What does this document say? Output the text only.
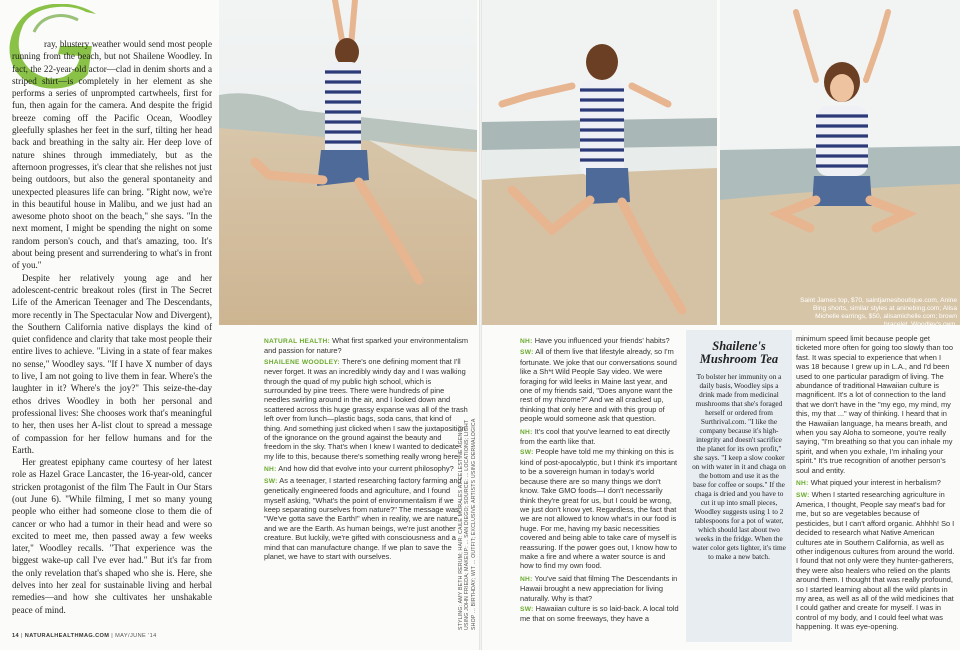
ray, blustery weather would send most people running from the beach, but not Shailene Woodley. In fact, the 22-year-old actor—clad in denim shorts and a striped shirt—is completely in her element as she performs a series of unprompted cartwheels, first for fun, then again for the camera. And despite the frigid breeze coming off the Pacific Ocean, Woodley gleefully splashes her feet in the surf, tilting her head back and breathing in the salty air. Her deep love of nature shines through immediately, but as the afternoon progresses, it's clear that she relishes not just being outdoors, but also the general spontaneity and unexpected pleasures life can bring. "Right now, we're in this beautiful house in Malibu, and we just had an awesome photo shoot on the beach," she says. "In the next moment, I might be spending the night on some random person's couch, and that's amazing, too. It's about being present and surrendering to what's in front of you."

Despite her relatively young age and her adolescent-centric breakout roles (first in The Secret Life of the American Teenager and The Descendants, more recently in The Spectacular Now and Divergent), the Southern California native displays the kind of quiet confidence and clarity that take most people their entire lives to achieve. "Living in a state of fear makes no sense," Woodley says. "If I have X number of days to live, I am not going to live them in fear. Where's the laughter in it? Where's the joy?" This seize-the-day ethos drives Woodley in both her personal and professional lives: She chooses work that's meaningful to her, then uses her A-list clout to spread a message of compassion for her fellow humans and for the Earth.

Her greatest epiphany came courtesy of her latest role as Hazel Grace Lancaster, the 16-year-old, cancer stricken protagonist of the film The Fault in Our Stars (out June 6). "While filming, I met so many young people who either had someone close to them die of cancer or who had a tumor in their head and were so excited to meet me, then passed away a few weeks later," Woodley recalls. "That experience was the biggest wake-up call I've ever had." But it's far from the only revelation that's shaped who she is. Here, she delves into her zeal for sustainable living and herbal remedies—and how she cultivates her unshakable peace of mind.

Saint James top, $70, saintjamesboutique.com, Anine Bing shorts, similar styles at aninebing.com; Alisa Michelle earrings, $50, alisamichelle.com; brown bracelet, Woodley's own.
NATURAL HEALTH: What first sparked your environmentalism and passion for nature?
SHAILENE WOODLEY: There's one defining moment that I'll never forget. It was an incredibly windy day and I was walking through the quad of my public high school, which is surrounded by pine trees. There were hundreds of pine needles swirling around in the air, and I looked down and scattered across this huge grassy expanse was all of the trash left over from lunch—plastic bags, soda cans, that kind of thing. And something just clicked when I saw the juxtaposition of the ignorance on the ground against the beauty and freedom in the sky. That's when I knew I wanted to dedicate my life to this, because there's something really wrong here.
NH: And how did that evolve into your current philosophy?
SW: As a teenager, I started researching factory farming and genetically engineered foods and agriculture, and I found myself asking, "What's the point of environmentalism if we keep separating ourselves from nature?" The message was, "We've gotta save the Earth!" when in reality, we are nature and we are the Earth. As human beings, we're just another creature. But luckily, we're gifted with consciousness and a mind that can manufacture change. If we plan to save the planet, we have to start with ourselves.	STYLING: AMY BETH RERUM; HAIR: CAILE MORALES AT CELESTINE AGENCY USING JOHN FRIEDA; MAKEUP: ... SAN DIEGO; SOURCE: ... LOCATIONS; LIGHT SHOP ... BIRTHDAY; WIT ... OUTFIT; EXCLUSIVE ARTISTS USING DERMALOGICA
NH: Have you influenced your friends' habits?
SW: All of them live that lifestyle already, so I'm fortunate. We joke that our conversations sound like a Sh*t Wild People Say video. We were foraging for wild leeks in Maine last year, and one of my friends said, "Does anyone want the rest of my rhizome?" And we all cracked up, thinking that only here and with this group of people would someone ask that question.
NH: It's cool that you've learned to eat directly from the earth like that.
SW: People have told me my thinking on this is kind of post-apocalyptic, but I think it's important to be a sovereign human in today's world because there are so many things we don't know. Take GMO foods—I don't necessarily think they're great for us, but I could be wrong, we just don't know yet. Regardless, the fact that we are not allowed to know what's in our food is huge. For me, having my basic necessities covered and being able to take care of myself is reassuring. If the power goes out, I know how to make a fire and where a water source is and how to find my own food.
NH: You've said that filming The Descendants in Hawaii brought a new appreciation for living naturally. Why is that?
SW: Hawaiian culture is so laid-back. A local told me that on some freeways, they have a
Shailene's Mushroom Tea
To bolster her immunity on a daily basis, Woodley sips a drink made from medicinal mushrooms that she's foraged herself or ordered from Surthrival.com. "I like the company because it's high-integrity and doesn't sacrifice the planet for its own profit," she says. "I keep a slow cooker on with water in it and chaga on the bottom and use it as the base for coffee or soups." If the chaga is dried and you have to cut it up into small pieces, Woodley suggests using 1 to 2 tablespoons for a pot of water, which should last about two weeks in the fridge. When the water color gets lighter, it's time to make a new batch.
minimum speed limit because people get ticketed more often for going too slowly than too fast. It was special to experience that when I was 18 because I grew up in L.A., and I'd been used to one particular paradigm of living. The abundance of traditional Hawaiian culture is magnificent. It's a lot of connection to the land that we don't have in the "my ego, my mind, my this, my that ..." way of thinking. I heard that in the Hawaiian language, ha means breath, and when you say Aloha to someone, you're really saying, "I'm breathing so that you can inhale my spirit, and when you exhale, I'm inhaling your spirit." It's true recognition of another person's soul and entity.
NH: What piqued your interest in herbalism?
SW: When I started researching agriculture in America, I thought, People say meat's bad for me, but so are vegetables because of pesticides, but I can't afford organic. Ahhhh! So I decided to research what Native American cultures ate in Southern California, as well as other indigenous cultures from around the world. I found that not only were they hunter-gatherers, they were also healers who relied on the plants around them. I thought that was really profound, so I started learning about all the wild plants in my area, as well as all of the wild medicines that I could gather and create for myself. I was in control of my body, and I could feel what was happening. It was eye-opening.
14 | NATURALHEALTHMAG.COM | MAY/JUNE '14
